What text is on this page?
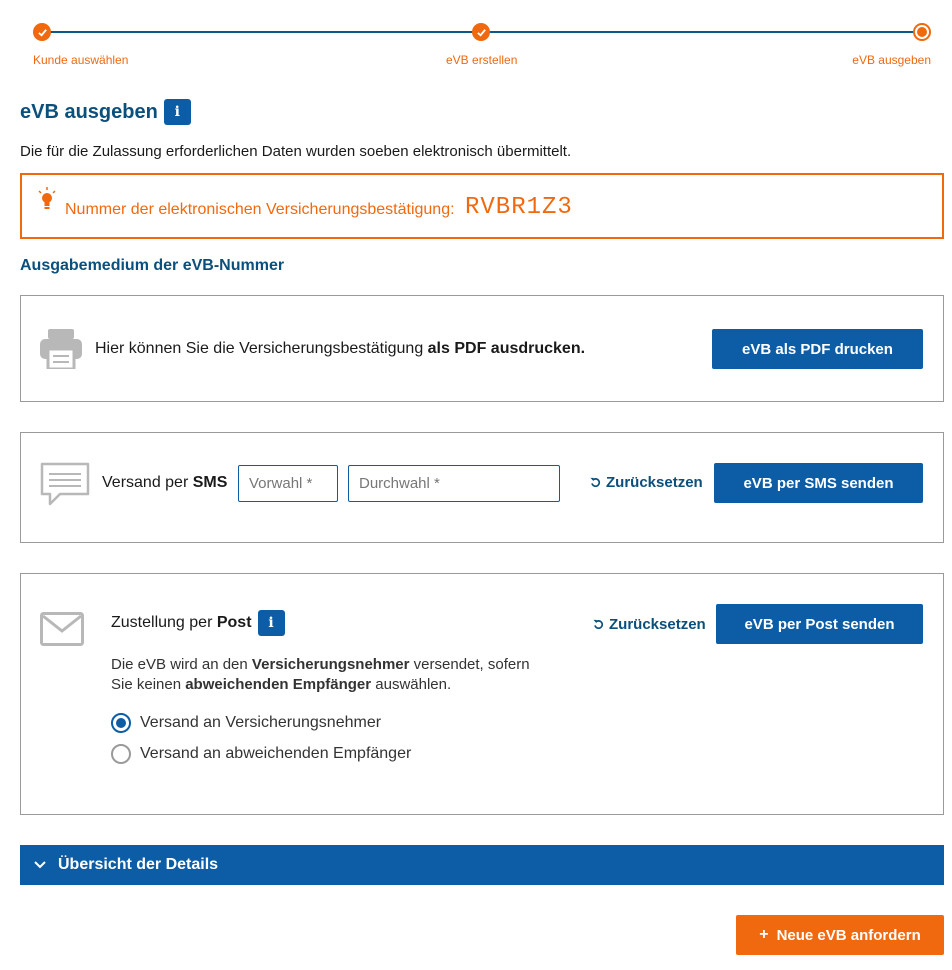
Kunde auswählen	eVB erstellen	eVB ausgeben
eVB ausgeben	i
Die für die Zulassung erforderlichen Daten wurden soeben elektronisch übermittelt.
Nummer der elektronischen Versicherungsbestätigung: RVBR1Z3
Ausgabemedium der eVB-Nummer
Hier können Sie die Versicherungsbestätigung als PDF ausdrucken.	eVB als PDF drucken
Versand per SMS
Vorwahl *
Durchwahl *	Zurücksetzen	eVB per SMS senden
Zustellung per Post	i
Die eVB wird an den Versicherungsnehmer versendet, sofern
Sie keinen abweichenden Empfänger auswählen.
Versand an Versicherungsnehmer
Versand an abweichenden Empfänger
Zurücksetzen	eVB per Post senden
Übersicht der Details
+ Neue eVB anfordern
